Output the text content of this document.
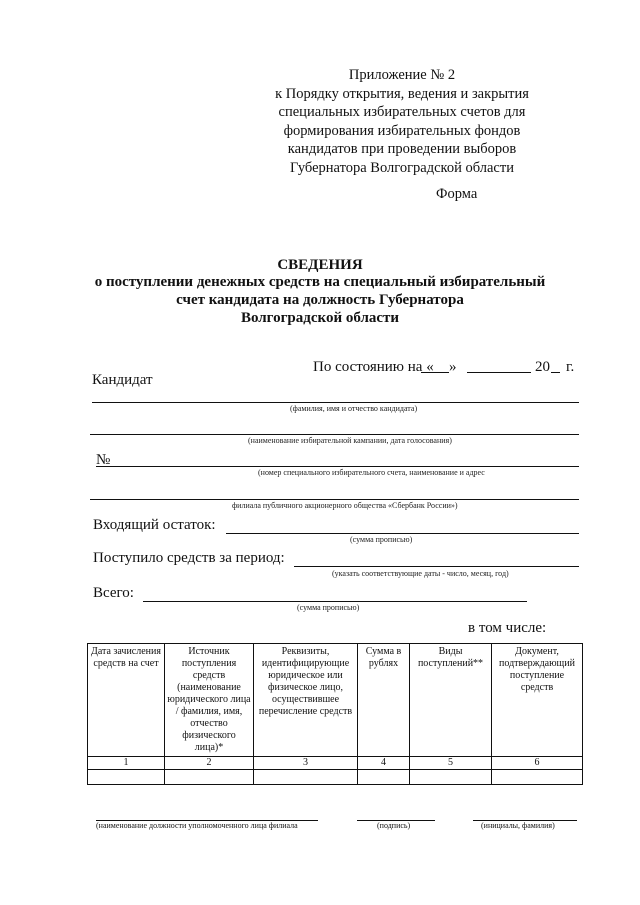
Приложение № 2
к Порядку открытия, ведения и закрытия
специальных избирательных счетов для
формирования избирательных фондов
кандидатов при проведении выборов
Губернатора Волгоградской области
Форма
СВЕДЕНИЯ
о поступлении денежных средств на специальный избирательный
счет кандидата на должность Губернатора
Волгоградской области
По состоянию на « »	20 г.
Кандидат
(фамилия, имя и отчество кандидата)
(наименование избирательной кампании, дата голосования)
№
(номер специального избирательного счета, наименование и адрес
филиала публичного акционерного общества «Сбербанк России»)
Входящий остаток:
(сумма прописью)
Поступило средств за период:
(указать соответствующие даты - число, месяц, год)
Всего:
(сумма прописью)
в том числе:
Дата зачисления средств на счет	Источник поступления средств (наименование юридического лица / фамилия, имя, отчество физического лица)*	Реквизиты, идентифицирующие юридическое или физическое лицо, осуществившее перечисление средств	Сумма в рублях	Виды поступлений**	Документ, подтверждающий поступление средств
1	2	3	4	5	6

(наименование должности уполномоченного лица филиала	(подпись)	(инициалы, фамилия)
